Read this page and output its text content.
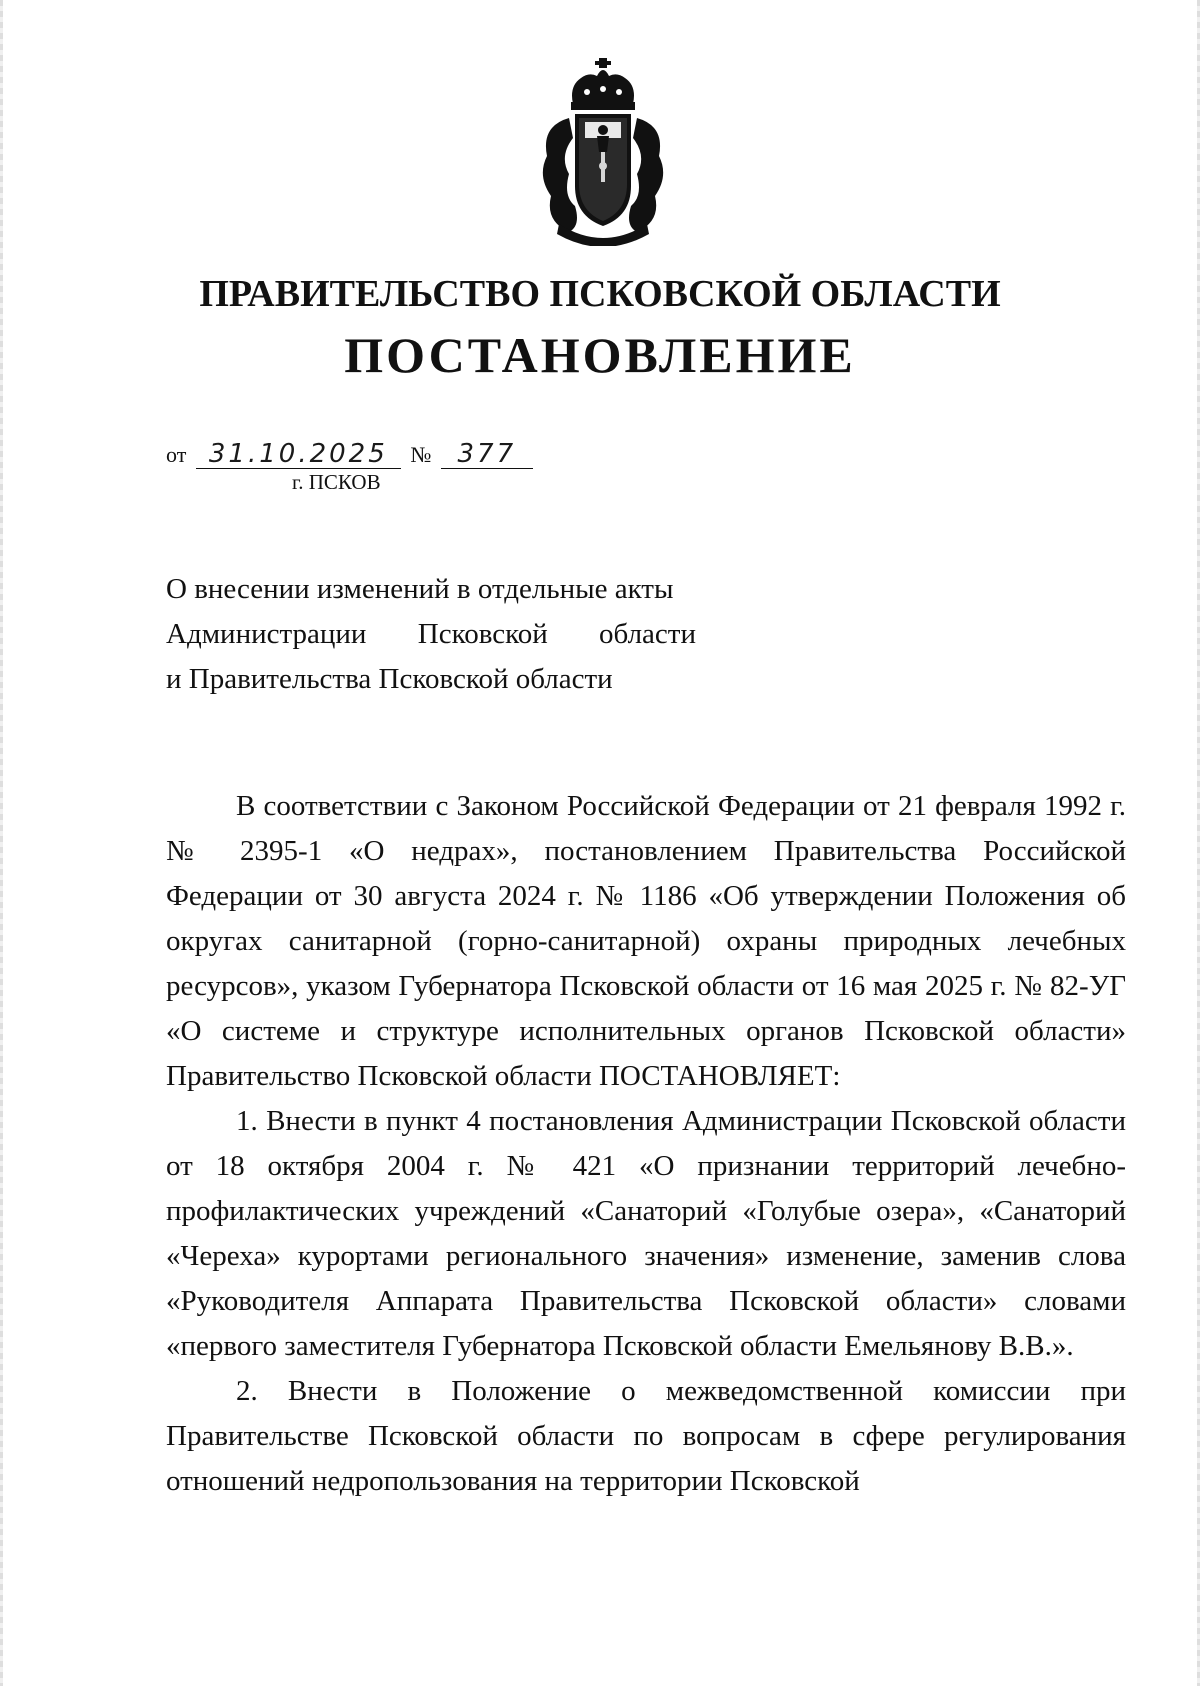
ПРАВИТЕЛЬСТВО ПСКОВСКОЙ ОБЛАСТИ
ПОСТАНОВЛЕНИЕ
от 31.10.2025 № 377
г. ПСКОВ
О внесении изменений в отдельные акты
Администрации Псковской области
и Правительства Псковской области

В соответствии с Законом Российской Федерации от 21 февраля 1992 г. № 2395-1 «О недрах», постановлением Правительства Российской Федерации от 30 августа 2024 г. № 1186 «Об утверждении Положения об округах санитарной (горно-санитарной) охраны природных лечебных ресурсов», указом Губернатора Псковской области от 16 мая 2025 г. № 82-УГ «О системе и структуре исполнительных органов Псковской области» Правительство Псковской области ПОСТАНОВЛЯЕТ:

1. Внести в пункт 4 постановления Администрации Псковской области от 18 октября 2004 г. № 421 «О признании территорий лечебно-профилактических учреждений «Санаторий «Голубые озера», «Санаторий «Череха» курортами регионального значения» изменение, заменив слова «Руководителя Аппарата Правительства Псковской области» словами «первого заместителя Губернатора Псковской области Емельянову В.В.».

2. Внести в Положение о межведомственной комиссии при Правительстве Псковской области по вопросам в сфере регулирования отношений недропользования на территории Псковской
